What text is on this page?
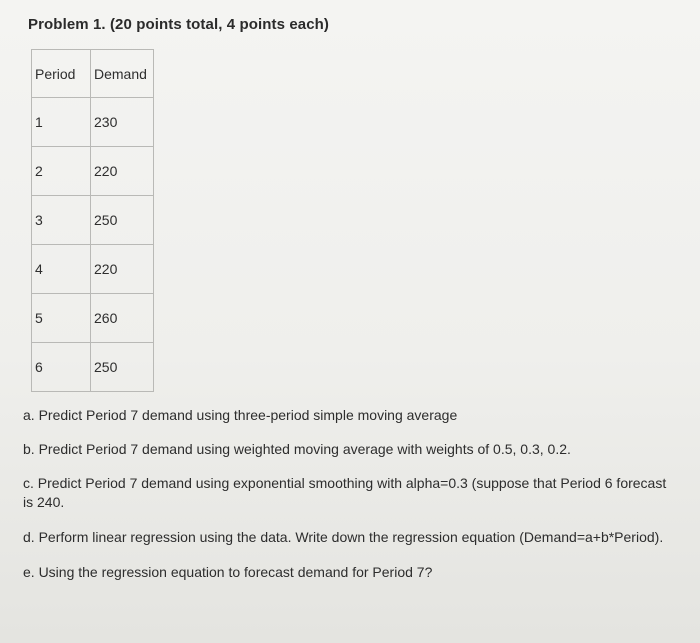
Problem 1. (20 points total, 4 points each)
Period	Demand
1	230
2	220
3	250
4	220
5	260
6	250

a. Predict Period 7 demand using three-period simple moving average

b. Predict Period 7 demand using weighted moving average with weights of 0.5, 0.3, 0.2.

c. Predict Period 7 demand using exponential smoothing with alpha=0.3 (suppose that Period 6 forecast is 240.

d. Perform linear regression using the data. Write down the regression equation (Demand=a+b*Period).

e. Using the regression equation to forecast demand for Period 7?
